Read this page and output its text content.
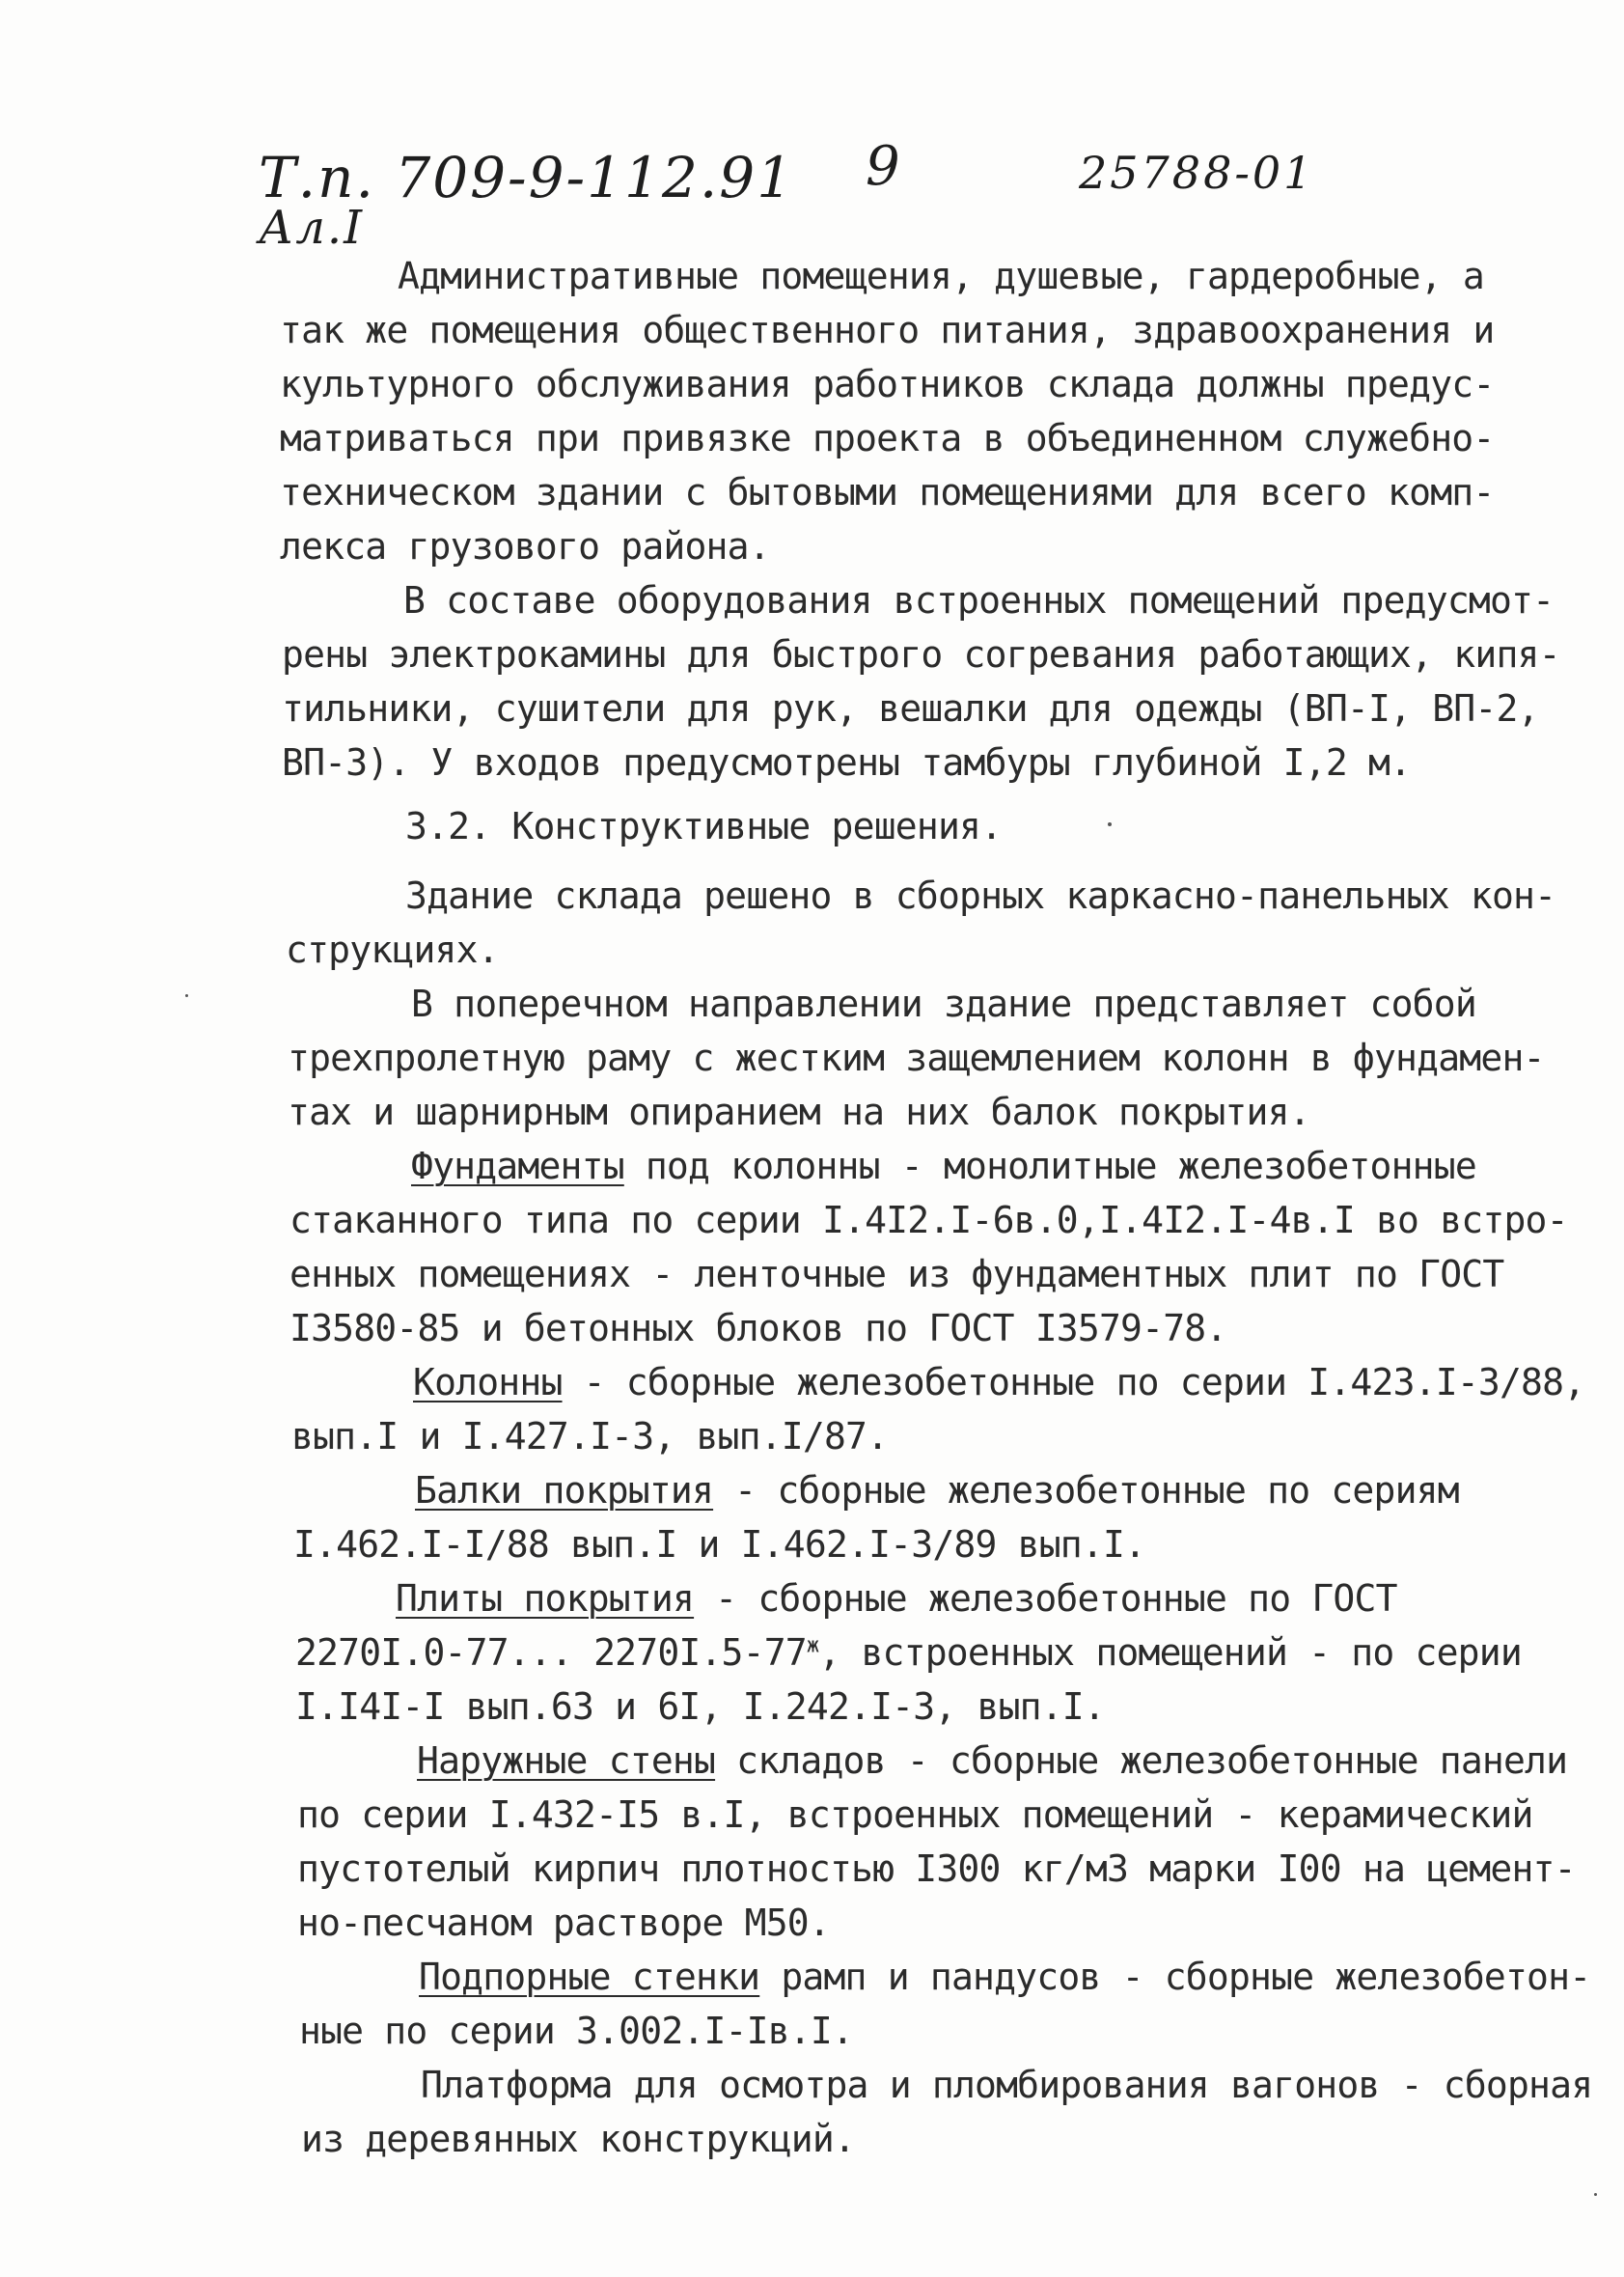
Т.п. 709-9-112.91 9	25788-01
Ал.I
Административные помещения, душевые, гардеробные, а
так же помещения общественного питания, здравоохранения и
культурного обслуживания работников склада должны предус-
матриваться при привязке проекта в объединенном служебно-
техническом здании с бытовыми помещениями для всего комп-
лекса грузового района.
В составе оборудования встроенных помещений предусмот-
рены электрокамины для быстрого согревания работающих, кипя-
тильники, сушители для рук, вешалки для одежды (ВП-I, ВП-2,
ВП-3). У входов предусмотрены тамбуры глубиной I,2 м.
3.2. Конструктивные решения.
Здание склада решено в сборных каркасно-панельных кон-
струкциях.
В поперечном направлении здание представляет собой
трехпролетную раму с жестким защемлением колонн в фундамен-
тах и шарнирным опиранием на них балок покрытия.
Фундаменты под колонны - монолитные железобетонные
стаканного типа по серии I.4I2.I-6в.0,I.4I2.I-4в.I во встро-
енных помещениях - ленточные из фундаментных плит по ГОСТ
I3580-85 и бетонных блоков по ГОСТ I3579-78.
Колонны - сборные железобетонные по серии I.423.I-3/88,
вып.I и I.427.I-3, вып.I/87.
Балки покрытия - сборные железобетонные по сериям
I.462.I-I/88 вып.I и I.462.I-3/89 вып.I.
Плиты покрытия - сборные железобетонные по ГОСТ
2270I.0-77... $2270I.5-77^ж$, встроенных помещений - по серии
I.I4I-I вып.63 и 6I, I.242.I-3, вып.I.
Наружные стены складов - сборные железобетонные панели
по серии I.432-I5 в.I, встроенных помещений - керамический
пустотелый кирпич плотностью I300 кг/м3 марки I00 на цемент-
но-песчаном растворе М50.
Подпорные стенки рамп и пандусов - сборные железобетон-
ные по серии 3.002.I-Iв.I.
Платформа для осмотра и пломбирования вагонов - сборная
из деревянных конструкций.
